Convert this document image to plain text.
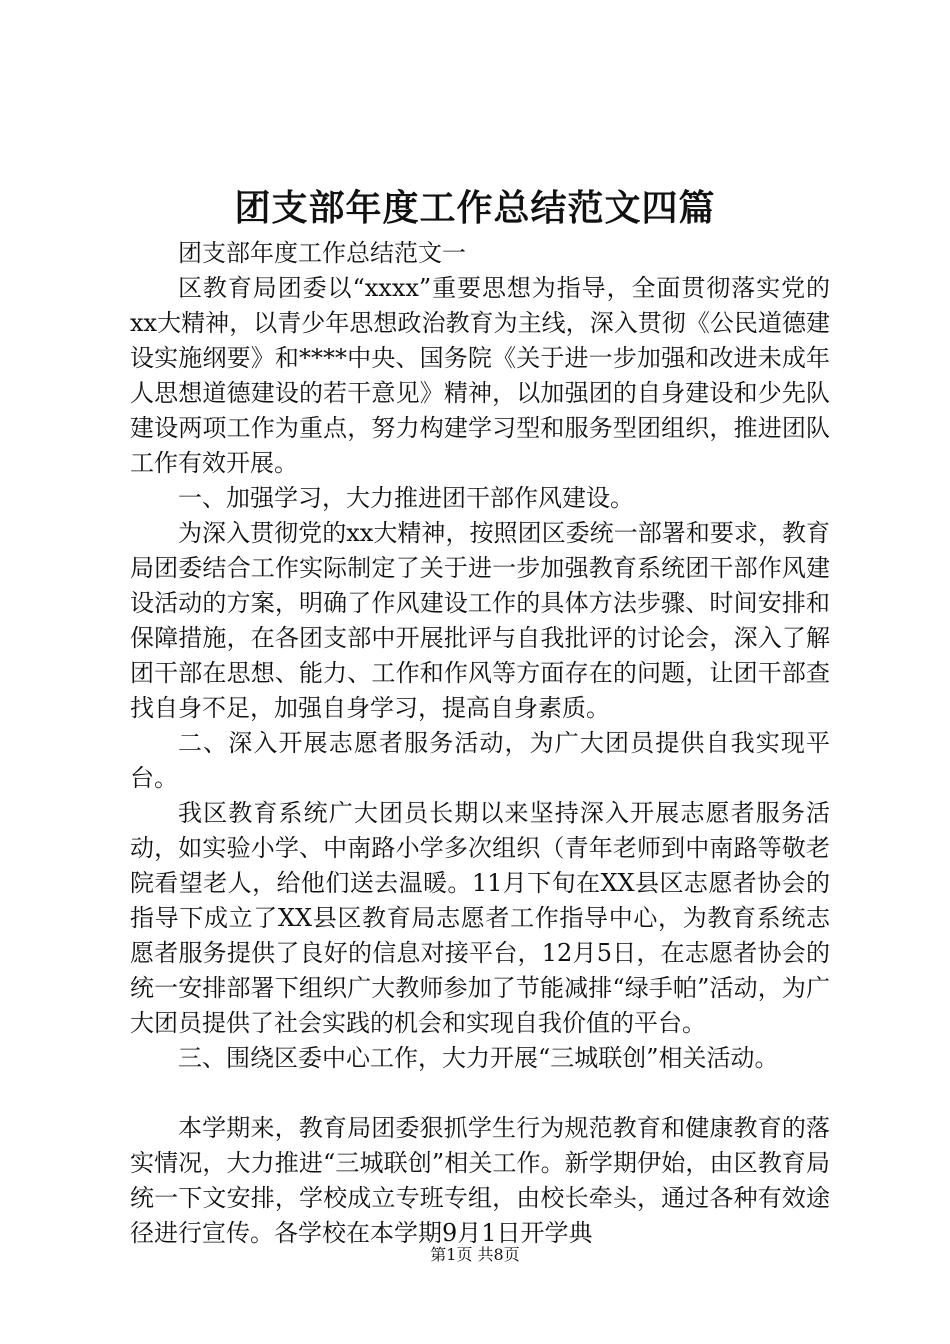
团支部年度工作总结范文四篇

团支部年度工作总结范文一

区教育局团委以“xxxx”重要思想为指导，全面贯彻落实党的xx大精神，以青少年思想政治教育为主线，深入贯彻《公民道德建设实施纲要》和****中央、国务院《关于进一步加强和改进未成年人思想道德建设的若干意见》精神，以加强团的自身建设和少先队建设两项工作为重点，努力构建学习型和服务型团组织，推进团队工作有效开展。

一、加强学习，大力推进团干部作风建设。

为深入贯彻党的xx大精神，按照团区委统一部署和要求，教育局团委结合工作实际制定了关于进一步加强教育系统团干部作风建设活动的方案，明确了作风建设工作的具体方法步骤、时间安排和保障措施，在各团支部中开展批评与自我批评的讨论会，深入了解团干部在思想、能力、工作和作风等方面存在的问题，让团干部查找自身不足，加强自身学习，提高自身素质。

二、深入开展志愿者服务活动，为广大团员提供自我实现平台。

我区教育系统广大团员长期以来坚持深入开展志愿者服务活动，如实验小学、中南路小学多次组织（青年老师到中南路等敬老院看望老人，给他们送去温暖。11月下旬在XX县区志愿者协会的指导下成立了XX县区教育局志愿者工作指导中心，为教育系统志愿者服务提供了良好的信息对接平台，12月5日，在志愿者协会的统一安排部署下组织广大教师参加了节能减排“绿手帕”活动，为广大团员提供了社会实践的机会和实现自我价值的平台。

三、围绕区委中心工作，大力开展“三城联创”相关活动。

本学期来，教育局团委狠抓学生行为规范教育和健康教育的落实情况，大力推进“三城联创”相关工作。新学期伊始，由区教育局统一下文安排，学校成立专班专组，由校长牵头，通过各种有效途径进行宣传。各学校在本学期9月1日开学典

第1页 共8页
